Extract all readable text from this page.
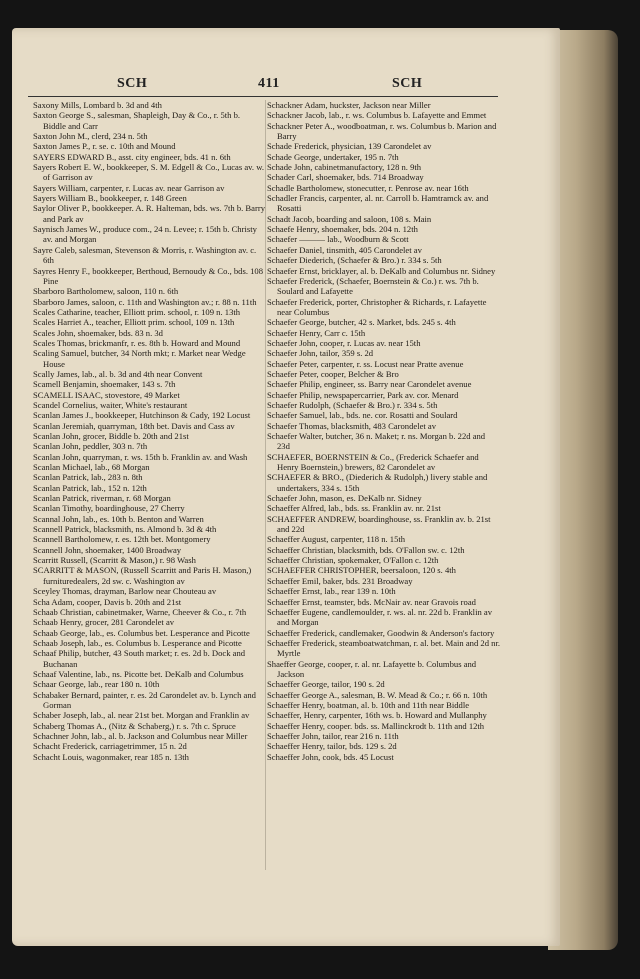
SCH	411	SCH
Saxony Mills, Lombard b. 3d and 4th
Saxton George S., salesman, Shapleigh, Day & Co., r. 5th b. Biddle and Carr
Saxton John M., clerd, 234 n. 5th
Saxton James P., r. se. c. 10th and Mound
SAYERS EDWARD B., asst. city engineer, bds. 41 n. 6th
Sayers Robert E. W., bookkeeper, S. M. Edgell & Co., Lucas av. w. of Garrison av
Sayers William, carpenter, r. Lucas av. near Garrison av
Sayers William B., bookkeeper, r. 148 Green
Saylor Oliver P., bookkeeper. A. R. Halteman, bds. ws. 7th b. Barry and Park av
Saynisch James W., produce com., 24 n. Levee; r. 15th b. Christy av. and Morgan
Sayre Caleb, salesman, Stevenson & Morris, r. Washington av. c. 6th
Sayres Henry F., bookkeeper, Berthoud, Bernoudy & Co., bds. 108 Pine
Sbarboro Bartholomew, saloon, 110 n. 6th
Sbarboro James, saloon, c. 11th and Washington av.; r. 88 n. 11th
Scales Catharine, teacher, Elliott prim. school, r. 109 n. 13th
Scales Harriet A., teacher, Elliott prim. school, 109 n. 13th
Scales John, shoemaker, bds. 83 n. 3d
Scales Thomas, brickmanfr, r. es. 8th b. Howard and Mound
Scaling Samuel, butcher, 34 North mkt; r. Market near Wedge House
Scally James, lab., al. b. 3d and 4th near Convent
Scamell Benjamin, shoemaker, 143 s. 7th
SCAMELL ISAAC, stovestore, 49 Market
Scandel Cornelius, waiter, White's restaurant
Scanlan James J., bookkeeper, Hutchinson & Cady, 192 Locust
Scanlan Jeremiah, quarryman, 18th bet. Davis and Cass av
Scanlan John, grocer, Biddle b. 20th and 21st
Scanlan John, peddler, 303 n. 7th
Scanlan John, quarryman, r. ws. 15th b. Franklin av. and Wash
Scanlan Michael, lab., 68 Morgan
Scanlan Patrick, lab., 283 n. 8th
Scanlan Patrick, lab., 152 n. 12th
Scanlan Patrick, riverman, r. 68 Morgan
Scanlan Timothy, boardinghouse, 27 Cherry
Scannal John, lab., es. 10th b. Benton and Warren
Scannell Patrick, blacksmith, ns. Almond b. 3d & 4th
Scannell Bartholomew, r. es. 12th bet. Montgomery
Scannell John, shoemaker, 1400 Broadway
Scarritt Russell, (Scarritt & Mason,) r. 98 Wash
SCARRITT & MASON, (Russell Scarritt and Paris H. Mason,) furnituredealers, 2d sw. c. Washington av
Sceyley Thomas, drayman, Barlow near Chouteau av
Scha Adam, cooper, Davis b. 20th and 21st
Schaab Christian, cabinetmaker, Warne, Cheever & Co., r. 7th
Schaab Henry, grocer, 281 Carondelet av
Schaab George, lab., es. Columbus bet. Lesperance and Picotte
Schaab Joseph, lab., es. Columbus b. Lesperance and Picotte
Schaaf Philip, butcher, 43 South market; r. es. 2d b. Dock and Buchanan
Schaaf Valentine, lab., ns. Picotte bet. DeKalb and Columbus
Schaar George, lab., rear 180 n. 10th
Schabaker Bernard, painter, r. es. 2d Carondelet av. b. Lynch and Gorman
Schaber Joseph, lab., al. near 21st bet. Morgan and Franklin av
Schaberg Thomas A., (Nitz & Schaberg,) r. s. 7th c. Spruce
Schachner John, lab., al. b. Jackson and Columbus near Miller
Schacht Frederick, carriagetrimmer, 15 n. 2d
Schacht Louis, wagonmaker, rear 185 n. 13th
Schackner Adam, huckster, Jackson near Miller
Schackner Jacob, lab., r. ws. Columbus b. Lafayette and Emmet
Schackner Peter A., woodboatman, r. ws. Columbus b. Marion and Barry
Schade Frederick, physician, 139 Carondelet av
Schade George, undertaker, 195 n. 7th
Schade John, cabinetmanufactory, 128 n. 9th
Schader Carl, shoemaker, bds. 714 Broadway
Schadle Bartholomew, stonecutter, r. Penrose av. near 16th
Schadler Francis, carpenter, al. nr. Carroll b. Hamtramck av. and Rosatti
Schadt Jacob, boarding and saloon, 108 s. Main
Schaefe Henry, shoemaker, bds. 204 n. 12th
Schaefer ——— lab., Woodburn & Scott
Schaefer Daniel, tinsmith, 405 Carondelet av
Schaefer Diederich, (Schaefer & Bro.) r. 334 s. 5th
Schaefer Ernst, bricklayer, al. b. DeKalb and Columbus nr. Sidney
Schaefer Frederick, (Schaefer, Boernstein & Co.) r. ws. 7th b. Soulard and Lafayette
Schaefer Frederick, porter, Christopher & Richards, r. Lafayette near Columbus
Schaefer George, butcher, 42 s. Market, bds. 245 s. 4th
Schaefer Henry, Carr c. 15th
Schaefer John, cooper, r. Lucas av. near 15th
Schaefer John, tailor, 359 s. 2d
Schaefer Peter, carpenter, r. ss. Locust near Pratte avenue
Schaefer Peter, cooper, Belcher & Bro
Schaefer Philip, engineer, ss. Barry near Carondelet avenue
Schaefer Philip, newspapercarrier, Park av. cor. Menard
Schaefer Rudolph, (Schaefer & Bro.) r. 334 s. 5th
Schaefer Samuel, lab., bds. ne. cor. Rosatti and Soulard
Schaefer Thomas, blacksmith, 483 Carondelet av
Schaefer Walter, butcher, 36 n. Maket; r. ns. Morgan b. 22d and 23d
SCHAEFER, BOERNSTEIN & Co., (Frederick Schaefer and Henry Boernstein,) brewers, 82 Carondelet av
SCHAEFER & BRO., (Diederich & Rudolph,) livery stable and undertakers, 334 s. 15th
Schaefer John, mason, es. DeKalb nr. Sidney
Schaeffer Alfred, lab., bds. ss. Franklin av. nr. 21st
SCHAEFFER ANDREW, boardinghouse, ss. Franklin av. b. 21st and 22d
Schaeffer August, carpenter, 118 n. 15th
Schaeffer Christian, blacksmith, bds. O'Fallon sw. c. 12th
Schaeffer Christian, spokemaker, O'Fallon c. 12th
SCHAEFFER CHRISTOPHER, beersaloon, 120 s. 4th
Schaeffer Emil, baker, bds. 231 Broadway
Schaeffer Ernst, lab., rear 139 n. 10th
Schaeffer Ernst, teamster, bds. McNair av. near Gravois road
Schaeffer Eugene, candlemoulder, r. ws. al. nr. 22d b. Franklin av and Morgan
Schaeffer Frederick, candlemaker, Goodwin & Anderson's factory
Schaeffer Frederick, steamboatwatchman, r. al. bet. Main and 2d nr. Myrtle
Shaeffer George, cooper, r. al. nr. Lafayette b. Columbus and Jackson
Schaeffer George, tailor, 190 s. 2d
Schaeffer George A., salesman, B. W. Mead & Co.; r. 66 n. 10th
Schaeffer Henry, boatman, al. b. 10th and 11th near Biddle
Schaeffer, Henry, carpenter, 16th ws. b. Howard and Mullanphy
Schaeffer Henry, cooper. bds. ss. Mallinckrodt b. 11th and 12th
Schaeffer John, tailor, rear 216 n. 11th
Schaeffer Henry, tailor, bds. 129 s. 2d
Schaeffer John, cook, bds. 45 Locust
